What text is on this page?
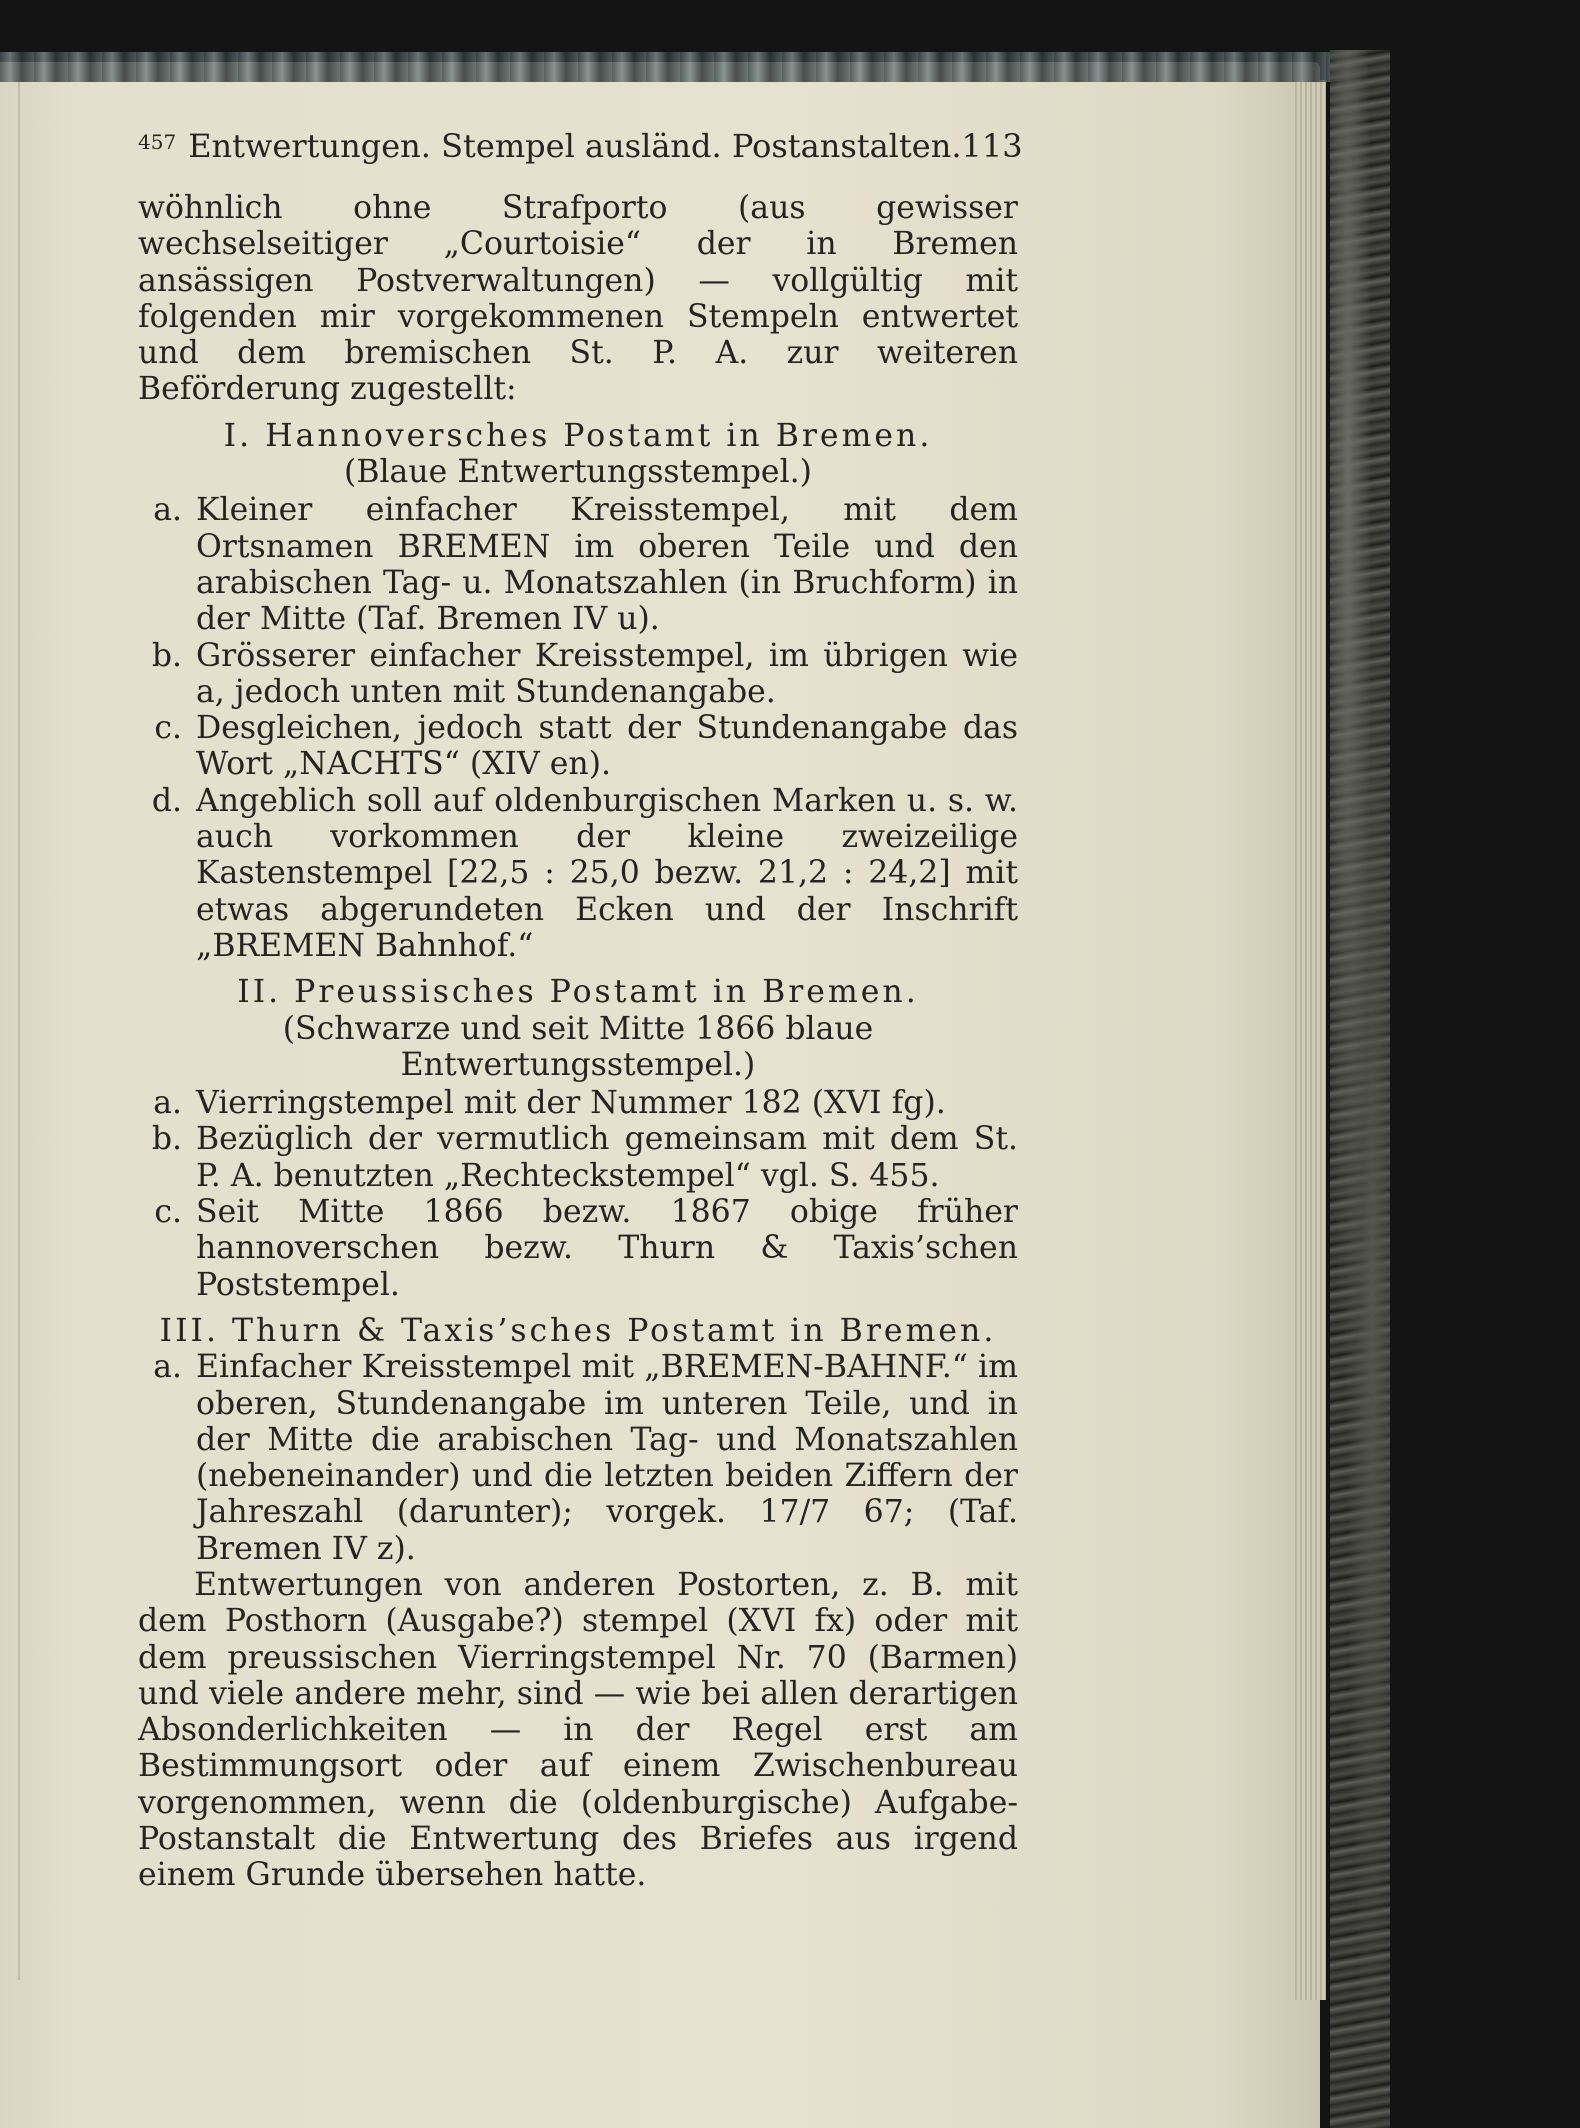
457 Entwertungen. Stempel ausländ. Postanstalten. 113

wöhnlich ohne Strafporto (aus gewisser wechselseitiger „Courtoisie“ der in Bremen ansässigen Postverwaltungen) — vollgültig mit folgenden mir vorgekommenen Stempeln entwertet und dem bremischen St. P. A. zur weiteren Beförderung zugestellt:

I. Hannoversches Postamt in Bremen.

(Blaue Entwertungsstempel.)

a. Kleiner einfacher Kreisstempel, mit dem Ortsnamen BREMEN im oberen Teile und den arabischen Tag- u. Monatszahlen (in Bruchform) in der Mitte (Taf. Bremen IV u).
b. Grösserer einfacher Kreisstempel, im übrigen wie a, jedoch unten mit Stundenangabe.
c. Desgleichen, jedoch statt der Stundenangabe das Wort „NACHTS“ (XIV en).
d. Angeblich soll auf oldenburgischen Marken u. s. w. auch vorkommen der kleine zweizeilige Kastenstempel [22,5 : 25,0 bezw. 21,2 : 24,2] mit etwas abgerundeten Ecken und der Inschrift „BREMEN Bahnhof.“

II. Preussisches Postamt in Bremen.

(Schwarze und seit Mitte 1866 blaue Entwertungsstempel.)

a. Vierringstempel mit der Nummer 182 (XVI fg).
b. Bezüglich der vermutlich gemeinsam mit dem St. P. A. benutzten „Rechteckstempel“ vgl. S. 455.
c. Seit Mitte 1866 bezw. 1867 obige früher hannoverschen bezw. Thurn & Taxis’schen Poststempel.

III. Thurn & Taxis’sches Postamt in Bremen.

a. Einfacher Kreisstempel mit „BREMEN-BAHNF.“ im oberen, Stundenangabe im unteren Teile, und in der Mitte die arabischen Tag- und Monatszahlen (nebeneinander) und die letzten beiden Ziffern der Jahreszahl (darunter); vorgek. 17/7 67; (Taf. Bremen IV z).

Entwertungen von anderen Postorten, z. B. mit dem Posthorn (Ausgabe?) stempel (XVI fx) oder mit dem preussischen Vierringstempel Nr. 70 (Barmen) und viele andere mehr, sind — wie bei allen derartigen Absonderlichkeiten — in der Regel erst am Bestimmungsort oder auf einem Zwischenbureau vorgenommen, wenn die (oldenburgische) Aufgabe-Postanstalt die Entwertung des Briefes aus irgend einem Grunde übersehen hatte.
